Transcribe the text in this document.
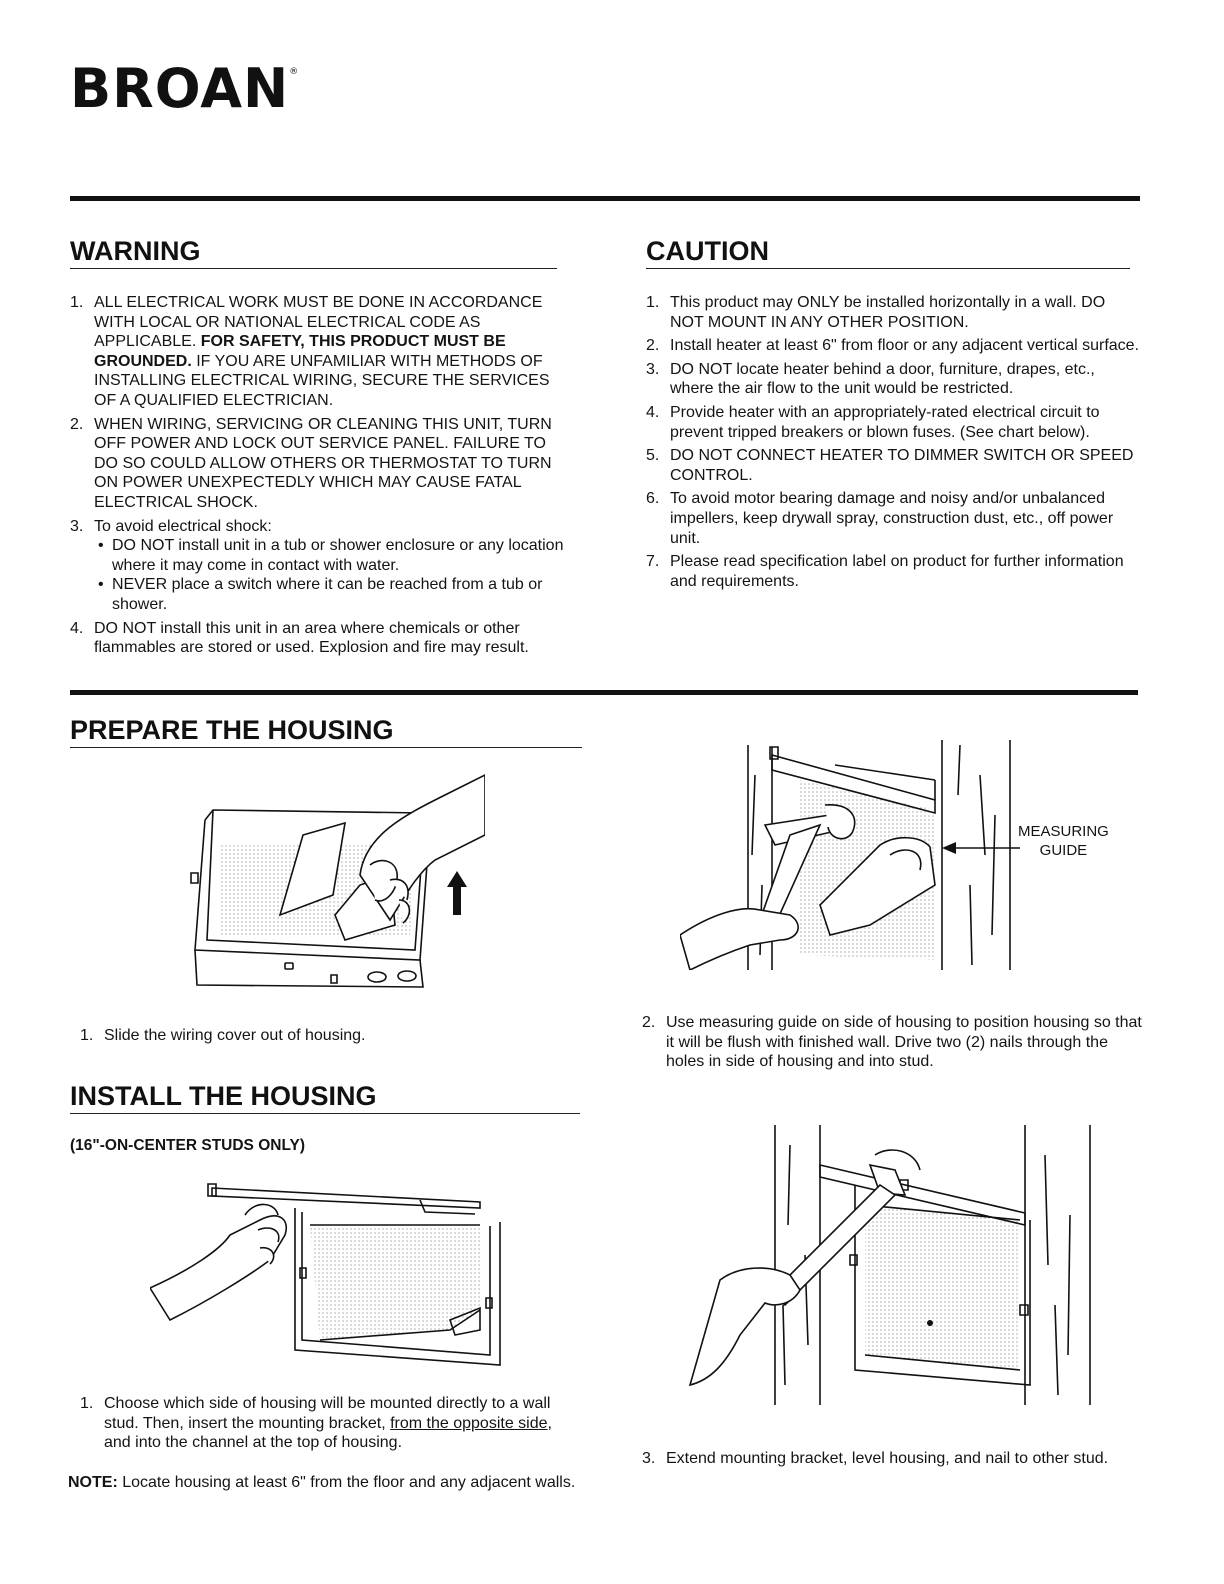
BROAN®
WARNING
1. ALL ELECTRICAL WORK MUST BE DONE IN ACCORDANCE WITH LOCAL OR NATIONAL ELECTRICAL CODE AS APPLICABLE. FOR SAFETY, THIS PRODUCT MUST BE GROUNDED. IF YOU ARE UNFAMILIAR WITH METHODS OF INSTALLING ELECTRICAL WIRING, SECURE THE SERVICES OF A QUALIFIED ELECTRICIAN.
2. WHEN WIRING, SERVICING OR CLEANING THIS UNIT, TURN OFF POWER AND LOCK OUT SERVICE PANEL. FAILURE TO DO SO COULD ALLOW OTHERS OR THERMOSTAT TO TURN ON POWER UNEXPECTEDLY WHICH MAY CAUSE FATAL ELECTRICAL SHOCK.
3. To avoid electrical shock:
• DO NOT install unit in a tub or shower enclosure or any location where it may come in contact with water.
• NEVER place a switch where it can be reached from a tub or shower.
4. DO NOT install this unit in an area where chemicals or other flammables are stored or used. Explosion and fire may result.
CAUTION
1. This product may ONLY be installed horizontally in a wall. DO NOT MOUNT IN ANY OTHER POSITION.
2. Install heater at least 6" from floor or any adjacent vertical surface.
3. DO NOT locate heater behind a door, furniture, drapes, etc., where the air flow to the unit would be restricted.
4. Provide heater with an appropriately-rated electrical circuit to prevent tripped breakers or blown fuses. (See chart below).
5. DO NOT CONNECT HEATER TO DIMMER SWITCH OR SPEED CONTROL.
6. To avoid motor bearing damage and noisy and/or unbalanced impellers, keep drywall spray, construction dust, etc., off power unit.
7. Please read specification label on product for further information and requirements.
PREPARE THE HOUSING
1. Slide the wiring cover out of housing.
INSTALL THE HOUSING
(16"-ON-CENTER STUDS ONLY)
1. Choose which side of housing will be mounted directly to a wall stud. Then, insert the mounting bracket, from the opposite side, and into the channel at the top of housing.
NOTE: Locate housing at least 6" from the floor and any adjacent walls.
MEASURING
GUIDE
2. Use measuring guide on side of housing to position housing so that it will be flush with finished wall. Drive two (2) nails through the holes in side of housing and into stud.
3. Extend mounting bracket, level housing, and nail to other stud.
